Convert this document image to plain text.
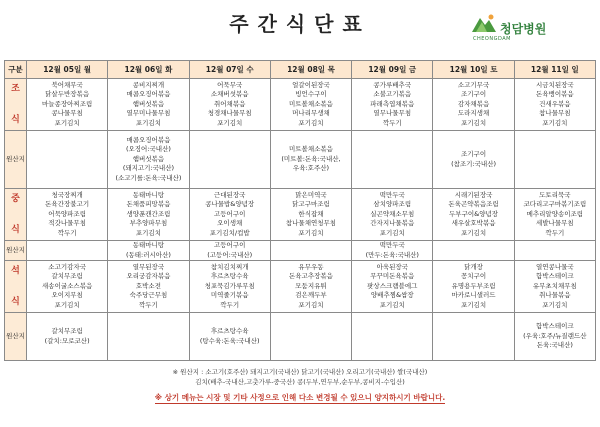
주간식단표	청담병원
CHEONGDAM
구분	12월 05일 월	12월 06일 화	12월 07일 수	12월 08일 목	12월 09일 금	12월 10일 토	12월 11일 일

조
식	북어채무국
닭살두반장볶음
마늘종장아찌조림
콩나물무침
포기김치	콩비지찌개
매콤오징어볶음
햄버섯볶음
열무미나물무침
포기김치	어묵무국
소채버섯볶음
취어채볶음
청경채나물무침
포기김치	얼갈이된장국
빙언수구이
미트볼채소볶음
머나리무생채
포기김치	콩가루배추국
소불고기볶음
파래측엽채볶음
열무나물무침
깍두기	소고기무국
조기구이
감자채볶음
도라지생채
포기김치	시금치된장국
돈육뱅이볶음
건새우볶음
참나물무침
포기김치

원산지		매콤오징어볶음
(오징어:국내산)
햄버섯볶음
(돼지고기:국내산)
(소고기를:돈육:국내산)		미트볼채소볶음
(미트볼:돈육:국내산,
우육:호주산)		조기구이
(참조기:국내산)	

중
식	청국장찌개
돈육간장불고기
어묵양파조림
적갓나물무침
깍두기	동태마니탕
돈채품피망볶음
생양푼캔간조림
부추양파무침
포기김치	근대된장국
콩나물밥&양념장
고등어구이
오이생채
포기김치/컵밥	맑은미역국
닭고구마조림
한식잡채
참나물채연청무침
포기김치	떡만두국
삼치양파조림
실곤약채소무침
간자지나물볶음
포기김치	시래기된장국
돈육곤약볶음조림
두부구이&양념장
새우살호박볶음
포기김치	도토리묵국
코다리고구마볶기조림
메추리알양송이조림
세발나물무침
깍두기

원산지		동태마니탕
(동태:러시아산)	고등어구이
(고등어:국내산)		떡만두국
(만두:돈육:국내산)		

석
식	소고기감자국
갈치무조림
새송이굴소스볶음
오이지무침
포기김치	열무된장국
오리궁감자볶음
호박소전
숙주당근무침
깍두기	참치김치찌개
후르츠탕수육
청포묵김가루무침
미역줄기볶음
깍두기	유무우동
돈육고추장볶음
모둠지유튀
검은깨두부
포기김치	아욱된장국
무꾸미돈육볶음
팟상스크램블에그
양배추찜&쌈장
포기김치	닭개장
꽁치구이
유명용두부조림
마카로니샐러드
포기김치	열연콩나물국
함박스테이크
유무초치채무침
취나물볶음
포기김치

원산지	갈치무조림
(갈치:모로코산)		후르츠탕수육
(탕수육:돈육:국내산)				함박스테이크
(우육:호주/뉴질랜드산
돈육:국내산)
※ 원산지 : 소고기(호주산) 돼지고기(국내산) 닭고기(국내산) 오리고기(국내산) 쌀(국내산)
김치(배추-국내산,고춧가루-중국산) 콩(두부,연두부,순두부,콩비지-수입산)
※ 상기 메뉴는 시장 및 기타 사정으로 인해 다소 변경될 수 있으니 양지하시기 바랍니다.
